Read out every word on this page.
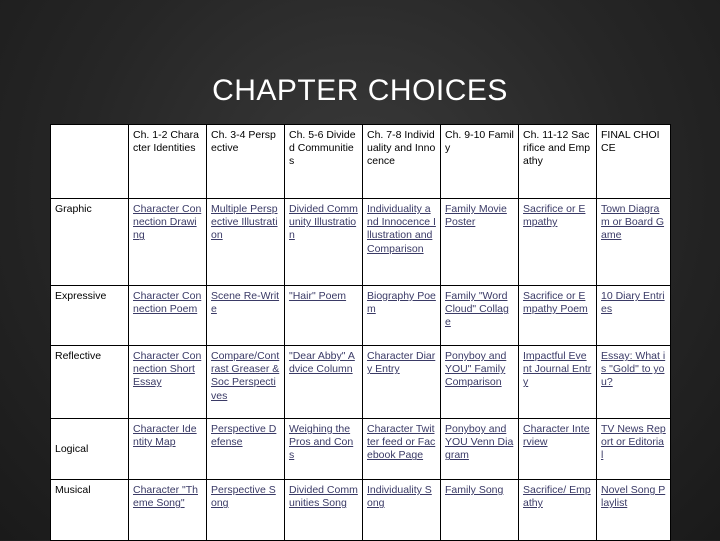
CHAPTER CHOICES
	Ch. 1-2 Character Identities	Ch. 3-4 Perspective	Ch. 5-6 Divided Communities	Ch. 7-8 Individuality and Innocence	Ch. 9-10 Family	Ch. 11-12 Sacrifice and Empathy	FINAL CHOICE
Graphic	Character Connection Drawing	Multiple Perspective Illustration	Divided Community Illustration	Individuality and Innocence Illustration and Comparison	Family Movie Poster	Sacrifice or Empathy	Town Diagram or Board Game
Expressive	Character Connection Poem	Scene Re-Write	"Hair" Poem	Biography Poem	Family "Word Cloud" Collage	Sacrifice or Empathy Poem	10 Diary Entries
Reflective	Character Connection Short Essay	Compare/Contrast Greaser & Soc Perspectives	"Dear Abby" Advice Column	Character Diary Entry	Ponyboy and YOU" Family Comparison	Impactful Event Journal Entry	Essay: What is "Gold" to you?
Logical	Character Identity Map	Perspective Defense	Weighing the Pros and Cons	Character Twitter feed or Facebook Page	Ponyboy and YOU Venn Diagram	Character Interview	TV News Report or Editorial
Musical	Character "Theme Song"	Perspective Song	Divided Communities Song	Individuality Song	Family Song	Sacrifice/ Empathy	Novel Song Playlist
